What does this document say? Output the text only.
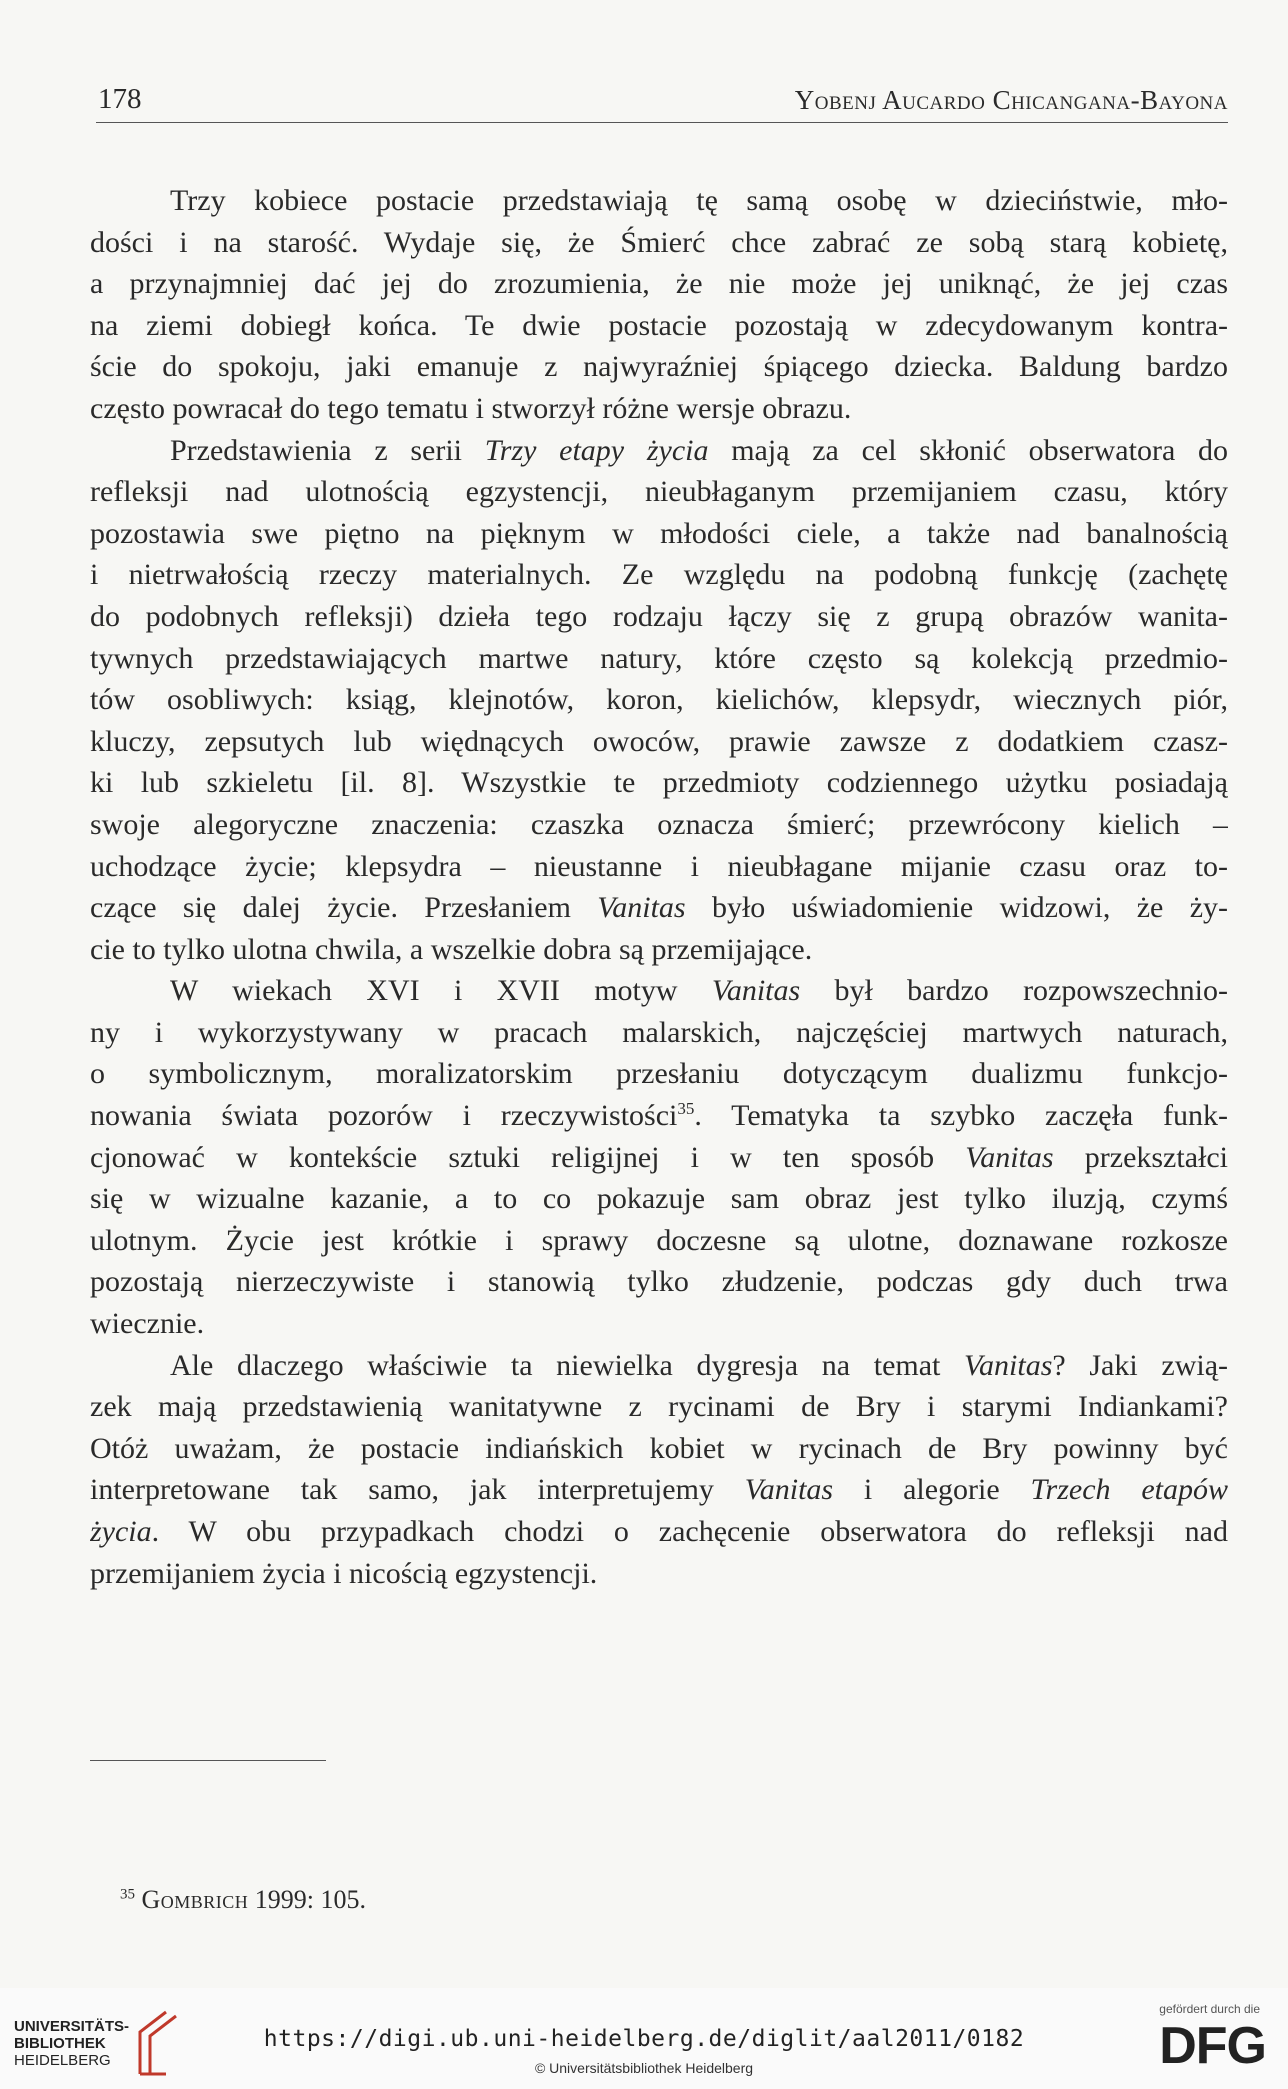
178	Yobenj Aucardo Chicangana-Bayona
Trzy kobiece postacie przedstawiają tę samą osobę w dzieciństwie, mło-
dości i na starość. Wydaje się, że Śmierć chce zabrać ze sobą starą kobietę,
a przynajmniej dać jej do zrozumienia, że nie może jej uniknąć, że jej czas
na ziemi dobiegł końca. Te dwie postacie pozostają w zdecydowanym kontra-
ście do spokoju, jaki emanuje z najwyraźniej śpiącego dziecka. Baldung bardzo
często powracał do tego tematu i stworzył różne wersje obrazu.
Przedstawienia z serii Trzy etapy życia mają za cel skłonić obserwatora do
refleksji nad ulotnością egzystencji, nieubłaganym przemijaniem czasu, który
pozostawia swe piętno na pięknym w młodości ciele, a także nad banalnością
i nietrwałością rzeczy materialnych. Ze względu na podobną funkcję (zachętę
do podobnych refleksji) dzieła tego rodzaju łączy się z grupą obrazów wanita-
tywnych przedstawiających martwe natury, które często są kolekcją przedmio-
tów osobliwych: ksiąg, klejnotów, koron, kielichów, klepsydr, wiecznych piór,
kluczy, zepsutych lub więdnących owoców, prawie zawsze z dodatkiem czasz-
ki lub szkieletu [il. 8]. Wszystkie te przedmioty codziennego użytku posiadają
swoje alegoryczne znaczenia: czaszka oznacza śmierć; przewrócony kielich –
uchodzące życie; klepsydra – nieustanne i nieubłagane mijanie czasu oraz to-
czące się dalej życie. Przesłaniem Vanitas było uświadomienie widzowi, że ży-
cie to tylko ulotna chwila, a wszelkie dobra są przemijające.
W wiekach XVI i XVII motyw Vanitas był bardzo rozpowszechnio-
ny i wykorzystywany w pracach malarskich, najczęściej martwych naturach,
o symbolicznym, moralizatorskim przesłaniu dotyczącym dualizmu funkcjo-
nowania świata pozorów i rzeczywistości$^{35}$. Tematyka ta szybko zaczęła funk-
cjonować w kontekście sztuki religijnej i w ten sposób Vanitas przekształci
się w wizualne kazanie, a to co pokazuje sam obraz jest tylko iluzją, czymś
ulotnym. Życie jest krótkie i sprawy doczesne są ulotne, doznawane rozkosze
pozostają nierzeczywiste i stanowią tylko złudzenie, podczas gdy duch trwa
wiecznie.
Ale dlaczego właściwie ta niewielka dygresja na temat Vanitas? Jaki zwią-
zek mają przedstawienią wanitatywne z rycinami de Bry i starymi Indiankami?
Otóż uważam, że postacie indiańskich kobiet w rycinach de Bry powinny być
interpretowane tak samo, jak interpretujemy Vanitas i alegorie Trzech etapów
życia. W obu przypadkach chodzi o zachęcenie obserwatora do refleksji nad
przemijaniem życia i nicością egzystencji.
$^{35}$ Gombrich 1999: 105.
UNIVERSITÄTS-
BIBLIOTHEK
HEIDELBERG
https://digi.ub.uni-heidelberg.de/diglit/aal2011/0182
© Universitätsbibliothek Heidelberg
gefördert durch die
DFG
